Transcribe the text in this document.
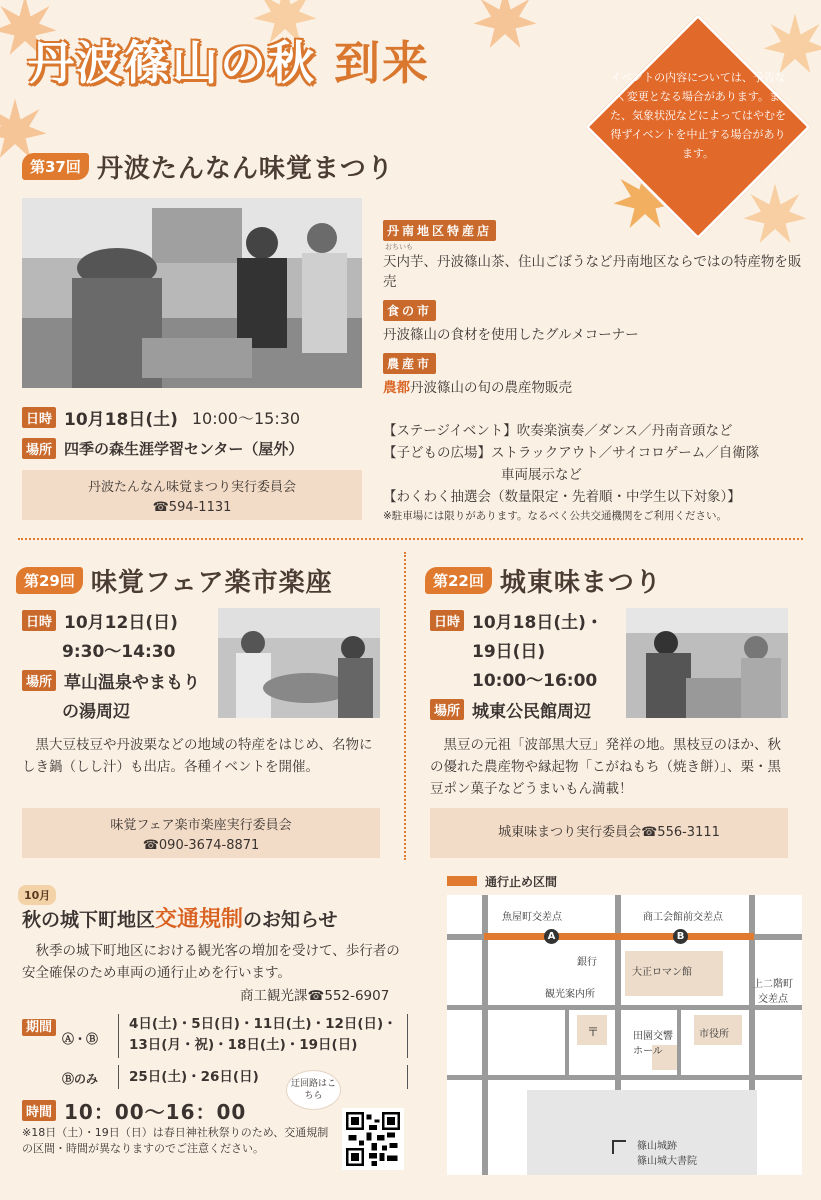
丹波篠山の秋 到来	イベントの内容については、予告なく変更となる場合があります。また、気象状況などによってはやむを得ずイベントを中止する場合があります。
第37回 丹波たんなん味覚まつり
丹南地区特産店
おちいも
天内芋、丹波篠山茶、住山ごぼうなど丹南地区ならではの特産物を販売
食の市
丹波篠山の食材を使用したグルメコーナー
農産市
農都丹波篠山の旬の農産物販売
日時 10月18日(土) 10:00〜15:30
場所 四季の森生涯学習センター（屋外）
丹波たんなん味覚まつり実行委員会
☎594-1131
【ステージイベント】吹奏楽演奏／ダンス／丹南音頭など
【子どもの広場】ストラックアウト／サイコロゲーム／自衛隊
車両展示など
【わくわく抽選会（数量限定・先着順・中学生以下対象）】
※駐車場には限りがあります。なるべく公共交通機関をご利用ください。
第29回 味覚フェア楽市楽座
日時 10月12日(日)
9:30〜14:30
場所 草山温泉やまもり
の湯周辺
黒大豆枝豆や丹波栗などの地域の特産をはじめ、名物にしき鍋（しし汁）も出店。各種イベントを開催。
味覚フェア楽市楽座実行委員会
☎090-3674-8871
第22回 城東味まつり
日時 10月18日(土)・
19日(日)
10:00〜16:00
場所 城東公民館周辺
黒豆の元祖「波部黒大豆」発祥の地。黒枝豆のほか、秋の優れた農産物や縁起物「こがねもち（焼き餅）」、栗・黒豆ポン菓子などうまいもん満載！
城東味まつり実行委員会☎556-3111
10月
秋の城下町地区交通規制のお知らせ
秋季の城下町地区における観光客の増加を受けて、歩行者の安全確保のため車両の通行止めを行います。
商工観光課☎552-6907
期間
Ⓐ・Ⓑ
4日(土)・5日(日)・11日(土)・12日(日)・
13日(月・祝)・18日(土)・19日(日)
Ⓑのみ	25日(土)・26日(日)
時間 10：00〜16：00
迂回路はこちら
※18日（土）・19日（日）は春日神社秋祭りのため、交通規制の区間・時間が異なりますのでご注意ください。
通行止め区間
A	B
魚屋町交差点	商工会館前交差点
上二階町
交差点
銀行
大正ロマン館
観光案内所
〒	田園交響
ホール
市役所
篠山城跡
篠山城大書院
